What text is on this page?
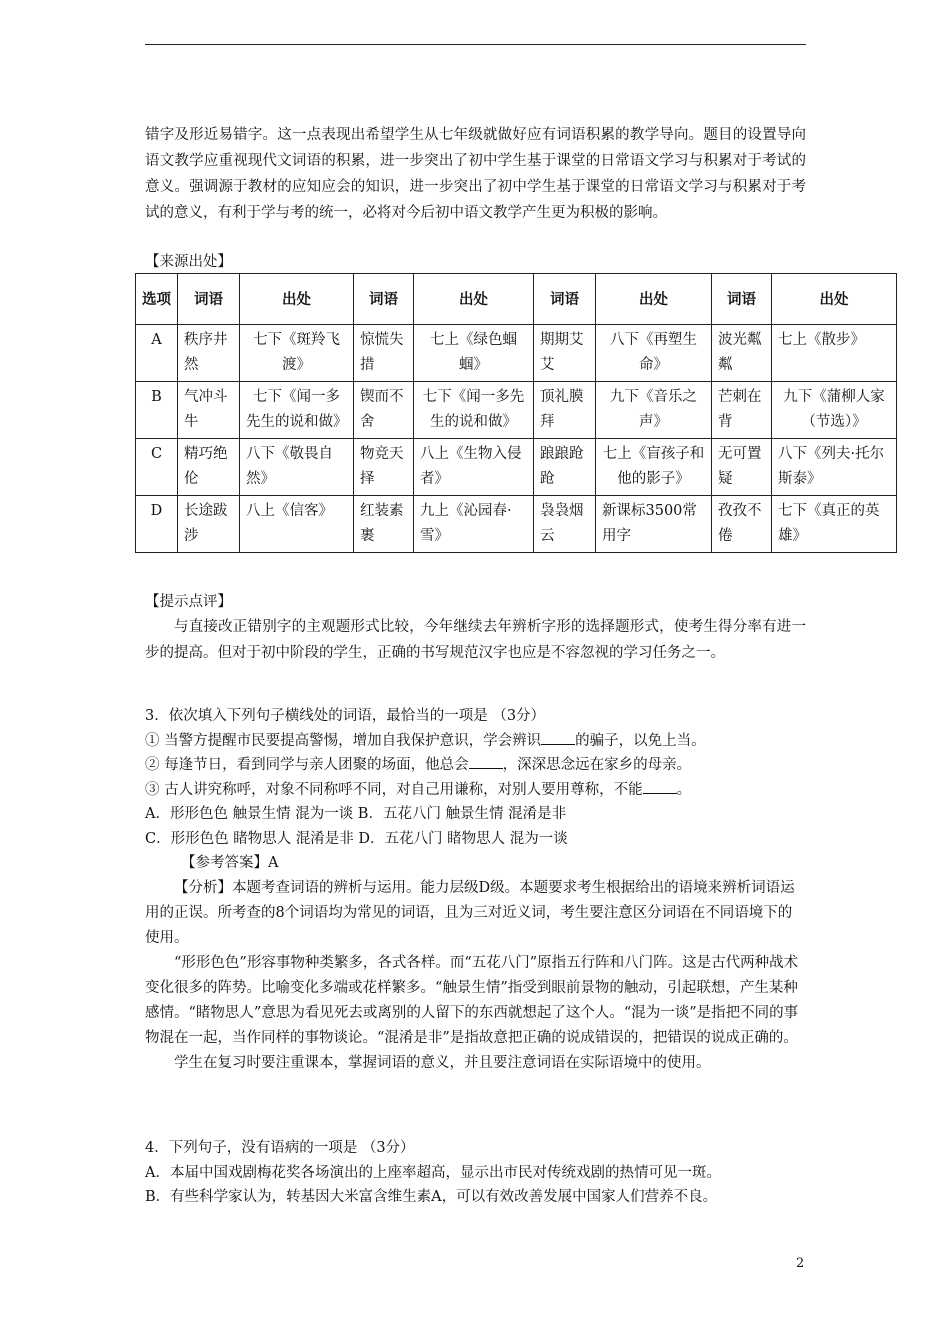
错字及形近易错字。这一点表现出希望学生从七年级就做好应有词语积累的教学导向。题目的设置导向语文教学应重视现代文词语的积累，进一步突出了初中学生基于课堂的日常语文学习与积累对于考试的意义。强调源于教材的应知应会的知识，进一步突出了初中学生基于课堂的日常语文学习与积累对于考试的意义，有利于学与考的统一，必将对今后初中语文教学产生更为积极的影响。

【来源出处】

选项	词语	出处	词语	出处	词语	出处	词语	出处
A	秩序井然	七下《斑羚飞渡》	惊慌失措	七上《绿色蝈蝈》	期期艾艾	八下《再塑生命》	波光粼粼	七上《散步》
B	气冲斗牛	七下《闻一多先生的说和做》	锲而不舍	七下《闻一多先生的说和做》	顶礼膜拜	九下《音乐之声》	芒刺在背	九下《蒲柳人家（节选）》
C	精巧绝伦	八下《敬畏自然》	物竞天择	八上《生物入侵者》	踉踉跄跄	七上《盲孩子和他的影子》	无可置疑	八下《列夫·托尔斯泰》
D	长途跋涉	八上《信客》	红装素裹	九上《沁园春·雪》	袅袅烟云	新课标3500常用字	孜孜不倦	七下《真正的英雄》

【提示点评】

与直接改正错别字的主观题形式比较，今年继续去年辨析字形的选择题形式，使考生得分率有进一步的提高。但对于初中阶段的学生，正确的书写规范汉字也应是不容忽视的学习任务之一。

3．依次填入下列句子横线处的词语，最恰当的一项是 （3分）

① 当警方提醒市民要提高警惕，增加自我保护意识，学会辨识 的骗子，以免上当。

② 每逢节日，看到同学与亲人团聚的场面，他总会 ，深深思念远在家乡的母亲。

③ 古人讲究称呼，对象不同称呼不同，对自己用谦称，对别人要用尊称，不能 。

A．形形色色 触景生情 混为一谈 B．五花八门 触景生情 混淆是非

C．形形色色 睹物思人 混淆是非 D．五花八门 睹物思人 混为一谈

【参考答案】A

【分析】本题考查词语的辨析与运用。能力层级D级。本题要求考生根据给出的语境来辨析词语运用的正误。所考查的8个词语均为常见的词语，且为三对近义词，考生要注意区分词语在不同语境下的使用。

“形形色色”形容事物种类繁多，各式各样。而“五花八门”原指五行阵和八门阵。这是古代两种战术变化很多的阵势。比喻变化多端或花样繁多。“触景生情”指受到眼前景物的触动，引起联想，产生某种感情。“睹物思人”意思为看见死去或离别的人留下的东西就想起了这个人。“混为一谈”是指把不同的事物混在一起，当作同样的事物谈论。“混淆是非”是指故意把正确的说成错误的，把错误的说成正确的。

学生在复习时要注重课本，掌握词语的意义，并且要注意词语在实际语境中的使用。

4．下列句子，没有语病的一项是 （3分）

A．本届中国戏剧梅花奖各场演出的上座率超高，显示出市民对传统戏剧的热情可见一斑。

B．有些科学家认为，转基因大米富含维生素A，可以有效改善发展中国家人们营养不良。

2
